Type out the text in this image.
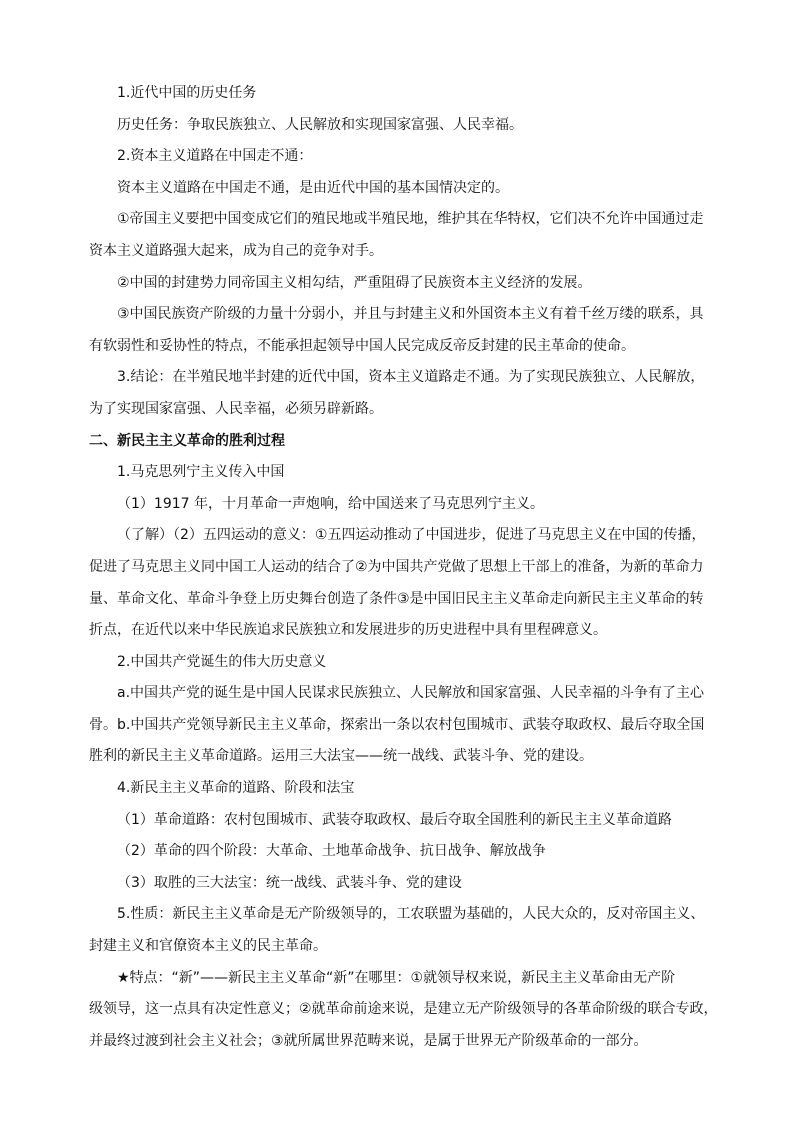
1.近代中国的历史任务

历史任务：争取民族独立、人民解放和实现国家富强、人民幸福。

2.资本主义道路在中国走不通：

资本主义道路在中国走不通，是由近代中国的基本国情决定的。

①帝国主义要把中国变成它们的殖民地或半殖民地，维护其在华特权，它们决不允许中国通过走

资本主义道路强大起来，成为自己的竞争对手。

②中国的封建势力同帝国主义相勾结，严重阻碍了民族资本主义经济的发展。

③中国民族资产阶级的力量十分弱小，并且与封建主义和外国资本主义有着千丝万缕的联系，具

有软弱性和妥协性的特点，不能承担起领导中国人民完成反帝反封建的民主革命的使命。

3.结论：在半殖民地半封建的近代中国，资本主义道路走不通。为了实现民族独立、人民解放，

为了实现国家富强、人民幸福，必须另辟新路。

二、新民主主义革命的胜利过程

1.马克思列宁主义传入中国

（1）1917 年，十月革命一声炮响，给中国送来了马克思列宁主义。

（了解）（2）五四运动的意义：①五四运动推动了中国进步，促进了马克思主义在中国的传播，

促进了马克思主义同中国工人运动的结合了②为中国共产党做了思想上干部上的准备，为新的革命力

量、革命文化、革命斗争登上历史舞台创造了条件③是中国旧民主主义革命走向新民主主义革命的转

折点，在近代以来中华民族追求民族独立和发展进步的历史进程中具有里程碑意义。

2.中国共产党诞生的伟大历史意义

a.中国共产党的诞生是中国人民谋求民族独立、人民解放和国家富强、人民幸福的斗争有了主心

骨。b.中国共产党领导新民主主义革命，探索出一条以农村包围城市、武装夺取政权、最后夺取全国

胜利的新民主主义革命道路。运用三大法宝——统一战线、武装斗争、党的建设。

4.新民主主义革命的道路、阶段和法宝

（1）革命道路：农村包围城市、武装夺取政权、最后夺取全国胜利的新民主主义革命道路

（2）革命的四个阶段：大革命、土地革命战争、抗日战争、解放战争

（3）取胜的三大法宝：统一战线、武装斗争、党的建设

5.性质：新民主主义革命是无产阶级领导的，工农联盟为基础的，人民大众的，反对帝国主义、

封建主义和官僚资本主义的民主革命。

★特点：“新”——新民主主义革命“新”在哪里：①就领导权来说，新民主主义革命由无产阶

级领导，这一点具有决定性意义；②就革命前途来说，是建立无产阶级领导的各革命阶级的联合专政，

并最终过渡到社会主义社会；③就所属世界范畴来说，是属于世界无产阶级革命的一部分。
